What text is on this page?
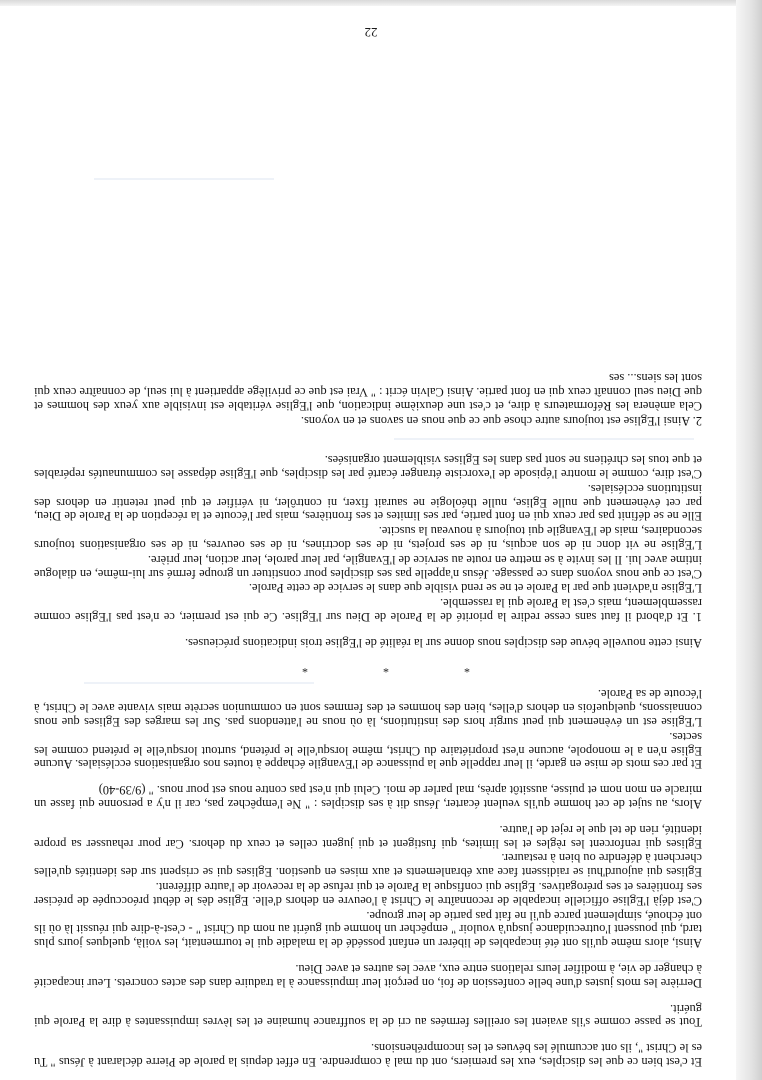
Et c'est bien ce que les disciples, eux les premiers, ont du mal à comprendre. En effet depuis la parole de Pierre déclarant à Jésus " Tu es le Christ ", ils ont accumulé les bévues et les incompréhensions.

Tout se passe comme s'ils avaient les oreilles fermées au cri de la souffrance humaine et les lèvres impuissantes à dire la Parole qui guérit.

Derrière les mots justes d'une belle confession de foi, on perçoit leur impuissance à la traduire dans des actes concrets. Leur incapacité à changer de vie, à modifier leurs relations entre eux, avec les autres et avec Dieu.

Ainsi, alors même qu'ils ont été incapables de libérer un enfant possédé de la maladie qui le tourmentait, les voilà, quelques jours plus tard, qui poussent l'outrecuidance jusqu'à vouloir " empêcher un homme qui guérit au nom du Christ " - c'est-à-dire qui réussit là où ils ont échoué, simplement parce qu'il ne fait pas partie de leur groupe.

C'est déjà l'Eglise officielle incapable de reconnaître le Christ à l'oeuvre en dehors d'elle. Eglise dès le début préoccupée de préciser ses frontières et ses prérogatives. Eglise qui confisque la Parole et qui refuse de la recevoir de l'autre différent.

Eglises qui aujourd'hui se raidissent face aux ébranlements et aux mises en question. Eglises qui se crispent sur des identités qu'elles cherchent à défendre ou bien à restaurer.

Eglises qui renforcent les règles et les limites, qui fustigent et qui jugent celles et ceux du dehors. Car pour rehausser sa propre identité, rien de tel que le rejet de l'autre.

Alors, au sujet de cet homme qu'ils veulent écarter, Jésus dit à ses disciples : " Ne l'empêchez pas, car il n'y a personne qui fasse un miracle en mon nom et puisse, aussitôt après, mal parler de moi. Celui qui n'est pas contre nous est pour nous. " (9/39-40)

Et par ces mots de mise en garde, il leur rappelle que la puissance de l'Evangile échappe à toutes nos organisations ecclésiales. Aucune Eglise n'en a le monopole, aucune n'est propriétaire du Christ, même lorsqu'elle le prétend, surtout lorsqu'elle le prétend comme les sectes.

L'Eglise est un évènement qui peut surgir hors des institutions, là où nous ne l'attendons pas. Sur les marges des Eglises que nous connaissons, quelquefois en dehors d'elles, bien des hommes et des femmes sont en communion secrète mais vivante avec le Christ, à l'écoute de sa Parole.

* * *

Ainsi cette nouvelle bévue des disciples nous donne sur la réalité de l'Eglise trois indications précieuses.

1. Et d'abord il faut sans cesse redire la priorité de la Parole de Dieu sur l'Eglise. Ce qui est premier, ce n'est pas l'Eglise comme rassemblement, mais c'est la Parole qui la rassemble.

L'Eglise n'advient que par la Parole et ne se rend visible que dans le service de cette Parole.

C'est ce que nous voyons dans ce passage. Jésus n'appelle pas ses disciples pour constituer un groupe fermé sur lui-même, en dialogue intime avec lui. Il les invite à se mettre en route au service de l'Evangile, par leur parole, leur action, leur prière.

L'Eglise ne vit donc ni de son acquis, ni de ses projets, ni de ses doctrines, ni de ses oeuvres, ni de ses organisations toujours secondaires, mais de l'Evangile qui toujours à nouveau la suscite.

Elle ne se définit pas par ceux qui en font partie, par ses limites et ses frontières, mais par l'écoute et la réception de la Parole de Dieu, par cet évènement que nulle Eglise, nulle théologie ne saurait fixer, ni contrôler, ni vérifier et qui peut retentir en dehors des institutions ecclésiales.

C'est dire, comme le montre l'épisode de l'exorciste étranger écarté par les disciples, que l'Eglise dépasse les communautés repérables et que tous les chrétiens ne sont pas dans les Eglises visiblement organisées.

2. Ainsi l'Eglise est toujours autre chose que ce que nous en savons et en voyons.

Cela amènera les Réformateurs à dire, et c'est une deuxième indication, que l'Eglise véritable est invisible aux yeux des hommes et que Dieu seul connaît ceux qui en font partie. Ainsi Calvin écrit : " Vrai est que ce privilège appartient à lui seul, de connaître ceux qui sont les siens... ses

22
